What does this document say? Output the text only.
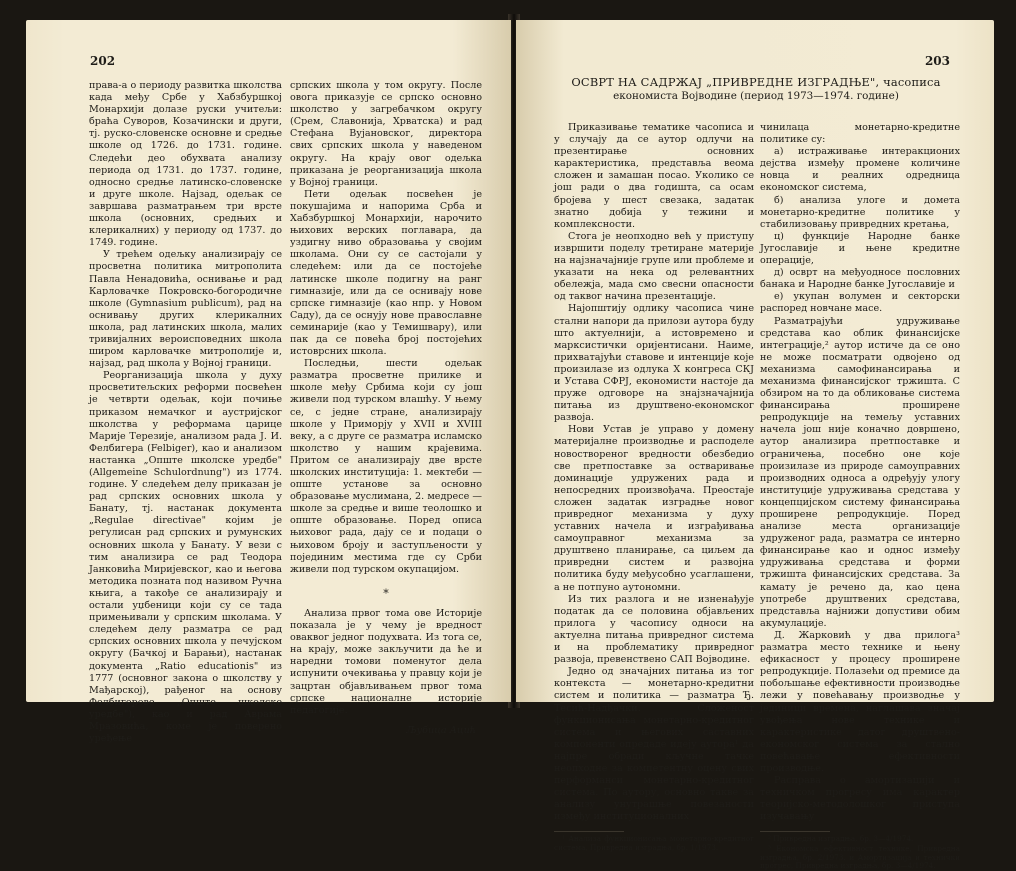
202

права-а о периоду развитка школства када међу Србе у Хабзбуршкој Монархији долазе руски учитељи: браћа Суворов, Козачински и други, тј. руско-словенске основне и средње школе од 1726. до 1731. године. Следећи део обухвата анализу периода од 1731. до 1737. године, односно средње латинско-словенске и друге школе. Најзад, одељак се завршава разматрањем три врсте школа (основних, средњих и клерикалних) у периоду од 1737. до 1749. године.

У трећем одељку анализирају се просветна политика митрополита Павла Ненадовића, оснивање и рад Карловачке Покровско-богородичне школе (Gymnasium publicum), рад на оснивању других клерикалних школа, рад латинских школа, малих тривијалних вероисповедних школа широм карловачке митрополије и, најзад, рад школа у Војној граници.

Реорганизација школа у духу просветитељских реформи посвећен је четврти одељак, који почиње приказом немачког и аустријског школства у реформама царице Марије Терезије, анализом рада Ј. И. Фелбигера (Felbiger), као и анализом настанка „Опште школске уредбе" (Allgemeine Schulordnung") из 1774. године. У следећем делу приказан је рад српских основних школа у Банату, тј. настанак документа „Regulae directivae" којим је регулисан рад српских и румунских основних школа у Банату. У вези с тим анализира се рад Теодора Јанковића Миријевског, као и његова методика позната под називом Ручна књига, а такође се анализирају и остали уџбеници који су се тада примењивали у српским школама. У следећем делу разматра се рад српских основних школа у печујском округу (Бачкој и Барањи), настанак документа „Ratio educationis" из 1777 (основног закона о школству у Мађарској), рађеног на основу Фелбигерове „Опште школске уредбе"), као и рад Аврама Мразовића, коме је поверено уређење

српских школа у том округу. После овога приказује се српско основно школство у загребачком округу (Срем, Славонија, Хрватска) и рад Стефана Вујановског, директора свих српских школа у наведеном округу. На крају овог одељка приказана је реорганизација школа у Војној граници.

Пети одељак посвећен је покушајима и напорима Срба и Хабзбуршкој Монархији, нарочито њихових верских поглавара, да уздигну ниво образовања у својим школама. Они су се састојали у следећем: или да се постојеће латинске школе подигну на ранг гимназије, или да се оснивају нове српске гимназије (као нпр. у Новом Саду), да се оснују нове православне семинарије (као у Темишвару), или пак да се повећа број постојећих истоврсних школа.

Последњи, шести одељак разматра просветне прилике и школе међу Србима који су још живели под турском влашћу. У њему се, с једне стране, анализирају школе у Приморју у XVII и XVIII веку, а с друге се разматра исламско школство у нашим крајевима. Притом се анализирају две врсте школских институција: 1. мектеби — опште установе за основно образовање муслимана, 2. медресе — школе за средње и више теолошко и опште образовање. Поред описа њиховог рада, дају се и подаци о њиховом броју и заступљености у појединим местима где су Срби живели под турском окупацијом.

*

Анализа првог тома ове Историје показала је у чему је вредност оваквог једног подухвата. Из тога се, на крају, може закључити да ће и наредни томови поменутог дела испунити очекивања у правцу који је зацртан објављивањем првог тома српске националне историје педагогије.

Љубица Ацић
203
ОСВРТ НА САДРЖАЈ „ПРИВРЕДНЕ ИЗГРАДЊЕ", часописа
економиста Војводине (период 1973—1974. године)

Приказивање тематике часописа и у случају да се аутор одлучи на презентирање основних карактеристика, представља веома сложен и замашан посао. Уколико се још ради о два годишта, са осам бројева у шест свезака, задатак знатно добија у тежини и комплексности.

Стога је неопходно већ у приступу извршити поделу третиране материје на најзначајније групе или проблеме и указати на нека од релевантних обележја, мада смо свесни опасности од таквог начина презентације.

Најопштију одлику часописа чине стални напори да прилози аутора буду што актуелнији, а истовремено и марксистички оријентисани. Наиме, прихватајући ставове и интенције које произилазе из одлука X конгреса СКЈ и Устава СФРЈ, економисти настоје да пруже одговоре на знајзначајнија питања из друштвено-економског развоја.

Нови Устав је управо у домену материјалне производње и расподеле новоствореног вредности обезбедио све претпоставке за остваривање доминације удружених рада и непосредних произвођача. Преостаје сложен задатак изградње новог привредног механизма у духу уставних начела и изграђивања самоуправног механизма за друштвено планирање, са циљем да привредни систем и развојна политика буду међусобно усаглашени, а не потпуно аутономни.

Из тих разлога и не изненађује податак да се половина објављених прилога у часопису односи на актуелна питања привредног система и на проблематику привредног развоја, превенствено САП Војводине.

Једно од значајних питања из тог контекста — монетарно-кредитни систем и политика — разматра Ђ. Тесић-Надђачки. Сложеност функционисања монетарно-кредитног система и његових саставних компоненти опредаде идеју аутора¹ да најпре обради кључне тачке неопходне за компетентну оцену свих перформанси монетарно-кредитног система. По аутору, основно такве за анализу унутрашње повезаности између институционалних

¹ Анализа функционисања монетарно-кредитног система, Привредна изградња, бр. 1/1973.

чинилаца монетарно-кредитне политике су:

а) истраживање интеракционих дејства између промене количине новца и реалних одредница економског система,

б) анализа улоге и домета монетарно-кредитне политике у стабилизовању привредних кретања,

ц) функције Народне банке Југославије и њене кредитне операције,

д) осврт на међуодносе пословних банака и Народне банке Југославије и

е) укупан волумен и секторски распоред новчане масе.

Разматрајући удруживање средстава као облик финансијске интеграције,² аутор истиче да се оно не може посматрати одвојено од механизма самофинансирања и механизма финансијског тржишта. С обзиром на то да обликовање система финансирања проширене репродукције на темељу уставних начела још није коначно довршено, аутор анализира претпоставке и ограничења, посебно оне које произилазе из природе самоуправних производних односа а одређују улогу институције удруживања средстава у концепцијском систему финансирања проширене репродукције. Поред анализе места организације удруженог рада, разматра се интерно финансирање као и однос између удруживања средстава и форми тржишта финансијских средстава. За камату је речено да, као цена употребе друштвених средстава, представља најнижи допустиви обим акумулације.

Д. Жарковић у два прилога³ разматра место технике и њену ефикасност у процесу проширене репродукције. Полазећи од премисе да побољшање ефективности производње лежи у повећавању производње у јединици времена, наглашава значај увођења нове технике и карактеристике датог друштвено-економског система за стално повећавање ефективности производње.

Расправа о амортизацији и техничком прогресу има карактер теоријско-методолошког приступа изучавању

² Привредна изградња, бр. 3—4/1974.
³ Економска ефективност технике, Привредна изградња, бр. 2/1973. и Амортизација и технички прогрес, Привредна изградња, бр. 3—4/1974.
